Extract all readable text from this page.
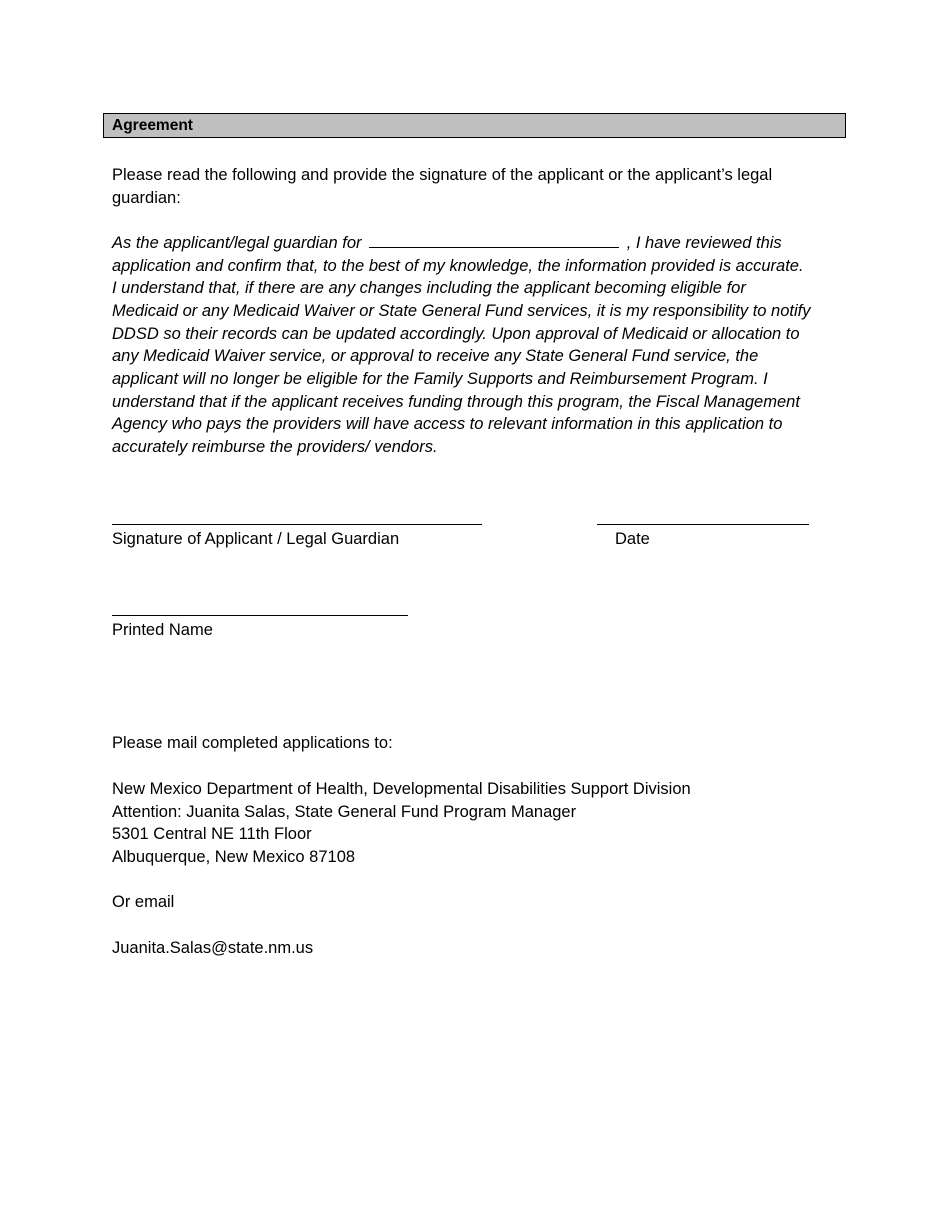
Agreement
Please read the following and provide the signature of the applicant or the applicant’s legal
guardian:
As the applicant/legal guardian for	, I have reviewed this
application and confirm that, to the best of my knowledge, the information provided is accurate.
I understand that, if there are any changes including the applicant becoming eligible for
Medicaid or any Medicaid Waiver or State General Fund services, it is my responsibility to notify
DDSD so their records can be updated accordingly. Upon approval of Medicaid or allocation to
any Medicaid Waiver service, or approval to receive any State General Fund service, the
applicant will no longer be eligible for the Family Supports and Reimbursement Program. I
understand that if the applicant receives funding through this program, the Fiscal Management
Agency who pays the providers will have access to relevant information in this application to
accurately reimburse the providers/ vendors.
Signature of Applicant / Legal Guardian	Date
Printed Name
Please mail completed applications to:
New Mexico Department of Health, Developmental Disabilities Support Division
Attention: Juanita Salas, State General Fund Program Manager
5301 Central NE 11th Floor
Albuquerque, New Mexico 87108
Or email
Juanita.Salas@state.nm.us
